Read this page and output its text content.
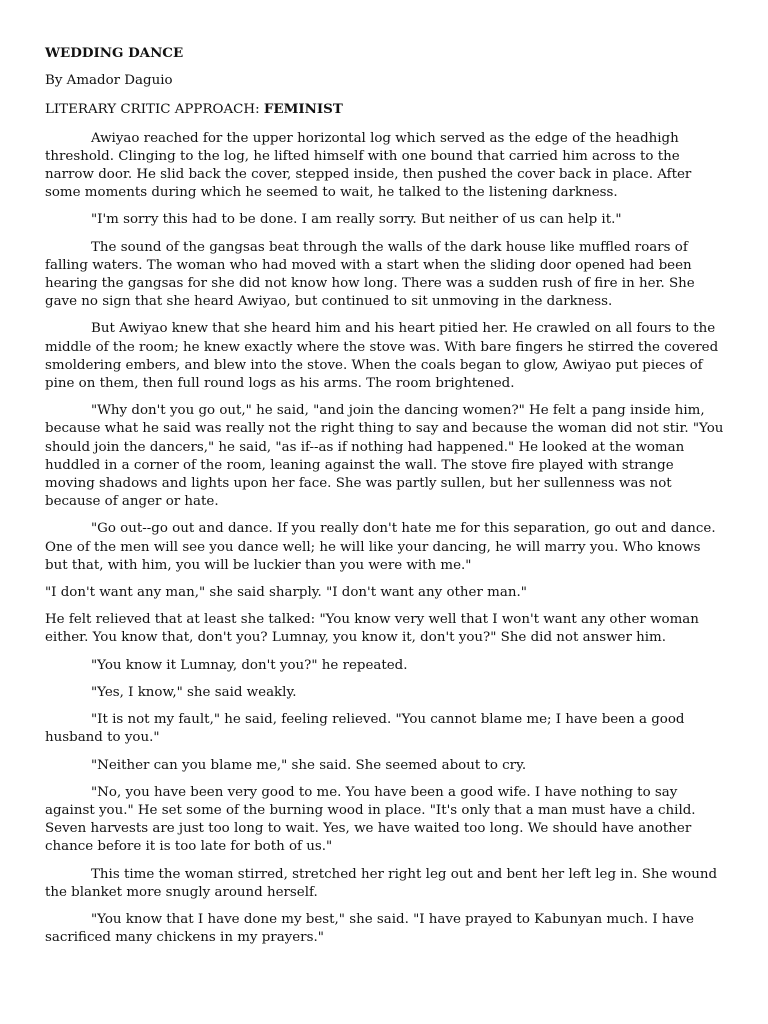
WEDDING DANCE
By Amador Daguio
LITERARY CRITIC APPROACH: FEMINIST

Awiyao reached for the upper horizontal log which served as the edge of the headhigh threshold. Clinging to the log, he lifted himself with one bound that carried him across to the narrow door. He slid back the cover, stepped inside, then pushed the cover back in place. After some moments during which he seemed to wait, he talked to the listening darkness.

"I'm sorry this had to be done. I am really sorry. But neither of us can help it."

The sound of the gangsas beat through the walls of the dark house like muffled roars of falling waters. The woman who had moved with a start when the sliding door opened had been hearing the gangsas for she did not know how long. There was a sudden rush of fire in her. She gave no sign that she heard Awiyao, but continued to sit unmoving in the darkness.

But Awiyao knew that she heard him and his heart pitied her. He crawled on all fours to the middle of the room; he knew exactly where the stove was. With bare fingers he stirred the covered smoldering embers, and blew into the stove. When the coals began to glow, Awiyao put pieces of pine on them, then full round logs as his arms. The room brightened.

"Why don't you go out," he said, "and join the dancing women?" He felt a pang inside him, because what he said was really not the right thing to say and because the woman did not stir. "You should join the dancers," he said, "as if--as if nothing had happened." He looked at the woman huddled in a corner of the room, leaning against the wall. The stove fire played with strange moving shadows and lights upon her face. She was partly sullen, but her sullenness was not because of anger or hate.

"Go out--go out and dance. If you really don't hate me for this separation, go out and dance. One of the men will see you dance well; he will like your dancing, he will marry you. Who knows but that, with him, you will be luckier than you were with me."

"I don't want any man," she said sharply. "I don't want any other man."

He felt relieved that at least she talked: "You know very well that I won't want any other woman either. You know that, don't you? Lumnay, you know it, don't you?" She did not answer him.

"You know it Lumnay, don't you?" he repeated.

"Yes, I know," she said weakly.

"It is not my fault," he said, feeling relieved. "You cannot blame me; I have been a good husband to you."

"Neither can you blame me," she said. She seemed about to cry.

"No, you have been very good to me. You have been a good wife. I have nothing to say against you." He set some of the burning wood in place. "It's only that a man must have a child. Seven harvests are just too long to wait. Yes, we have waited too long. We should have another chance before it is too late for both of us."

This time the woman stirred, stretched her right leg out and bent her left leg in. She wound the blanket more snugly around herself.

"You know that I have done my best," she said. "I have prayed to Kabunyan much. I have sacrificed many chickens in my prayers."
